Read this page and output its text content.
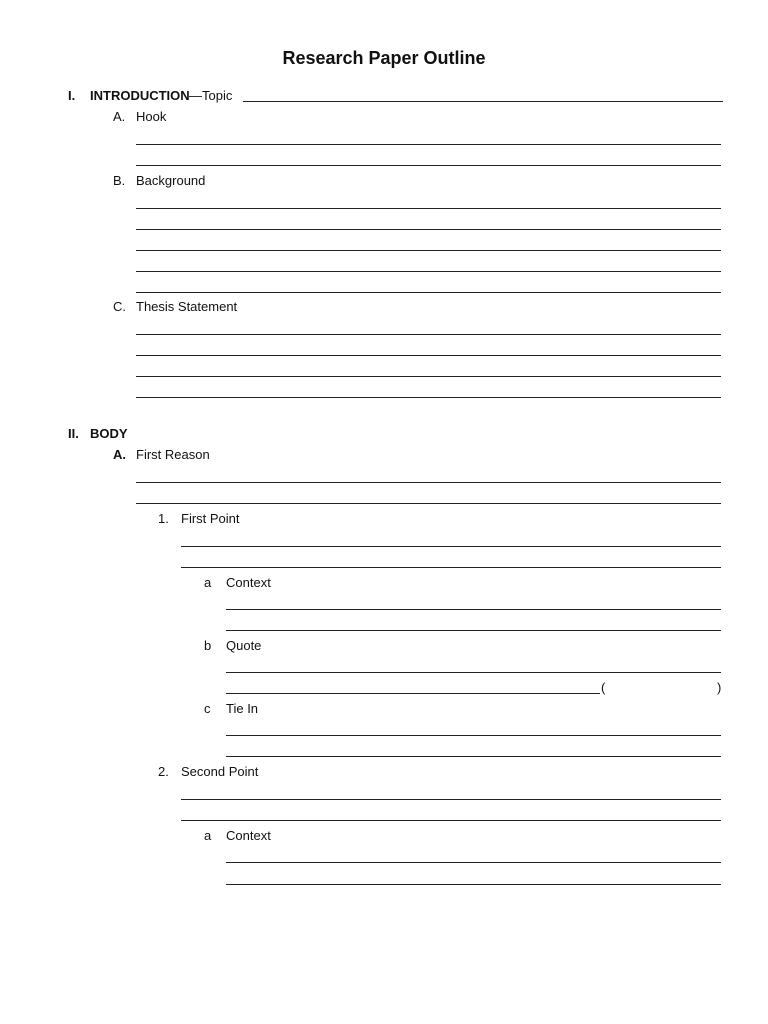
Research Paper Outline
I. INTRODUCTION —Topic
A. Hook
B. Background
C. Thesis Statement
II. BODY
A. First Reason
1. First Point
a Context
b Quote
(	)
c Tie In
2. Second Point
a Context
